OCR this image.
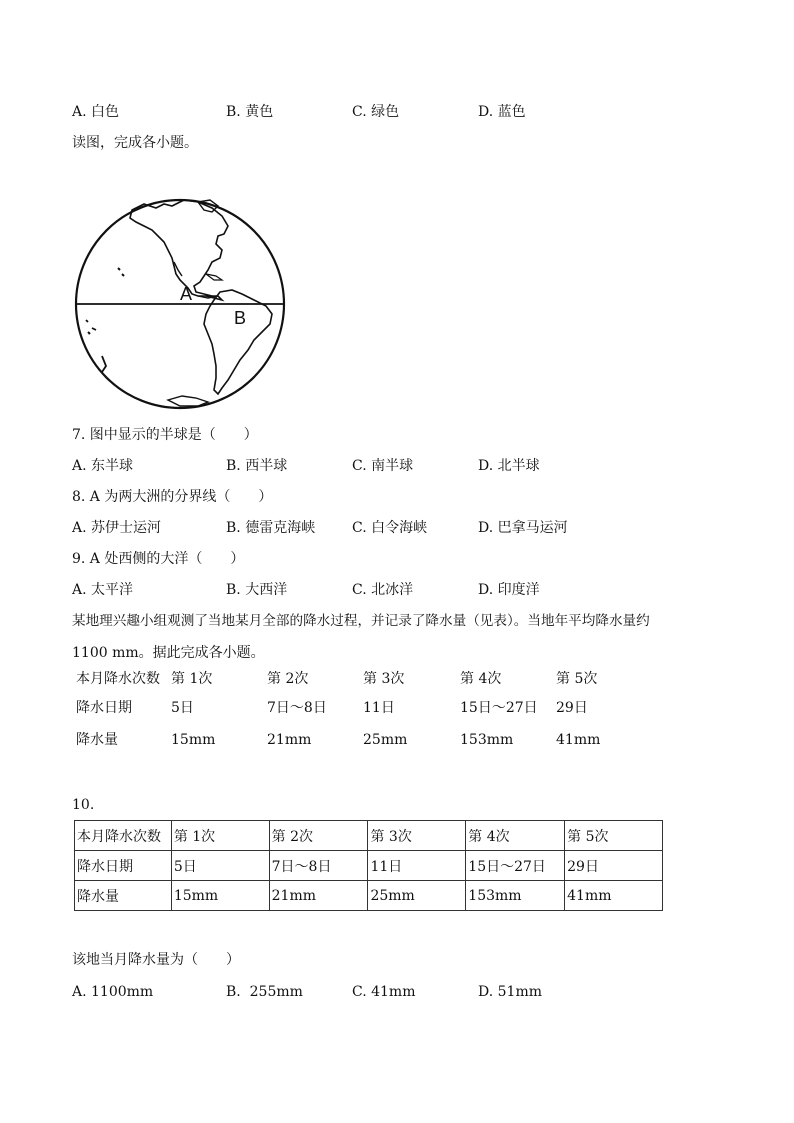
A. 白色	B. 黄色	C. 绿色	D. 蓝色
读图，完成各小题。
A
B
7. 图中显示的半球是（　　）
A. 东半球	B. 西半球	C. 南半球	D. 北半球
8. A 为两大洲的分界线（　　）
A. 苏伊士运河	B. 德雷克海峡	C. 白令海峡	D. 巴拿马运河
9. A 处西侧的大洋（　　）
A. 太平洋	B. 大西洋	C. 北冰洋	D. 印度洋
某地理兴趣小组观测了当地某月全部的降水过程，并记录了降水量（见表）。当地年平均降水量约
1100 mm。据此完成各小题。
本月降水次数 第 1次	第 2次	第 3次	第 4次	第 5次
降水日期	5日	7日～8日	11日	15日～27日 29日
降水量	15mm	21mm	25mm	153mm	41mm
10.
本月降水次数	第 1次	第 2次	第 3次	第 4次	第 5次
降水日期	5日	7日～8日	11日	15日～27日	29日
降水量	15mm	21mm	25mm	153mm	41mm
该地当月降水量为（　　）
A. 1100mm	B.  255mm	C. 41mm	D. 51mm
